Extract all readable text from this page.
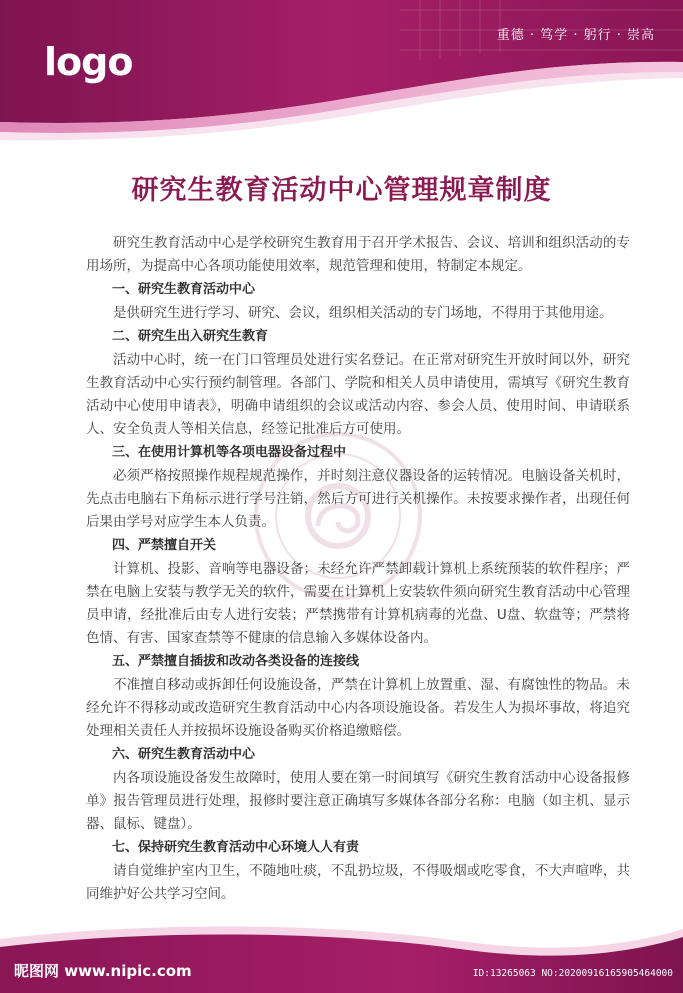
logo
重德 · 笃学 · 躬行 · 崇高
研究生教育活动中心管理规章制度

研究生教育活动中心是学校研究生教育用于召开学术报告、会议、培训和组织活动的专用场所，为提高中心各项功能使用效率，规范管理和使用，特制定本规定。

一、研究生教育活动中心

是供研究生进行学习、研究、会议，组织相关活动的专门场地，不得用于其他用途。

二、研究生出入研究生教育

活动中心时，统一在门口管理员处进行实名登记。在正常对研究生开放时间以外，研究生教育活动中心实行预约制管理。各部门、学院和相关人员申请使用，需填写《研究生教育活动中心使用申请表》，明确申请组织的会议或活动内容、参会人员、使用时间、申请联系人、安全负责人等相关信息，经签记批准后方可使用。

三、在使用计算机等各项电器设备过程中

必须严格按照操作规程规范操作，并时刻注意仪器设备的运转情况。电脑设备关机时，先点击电脑右下角标示进行学号注销，然后方可进行关机操作。未按要求操作者，出现任何后果由学号对应学生本人负责。

四、严禁擅自开关

计算机、投影、音响等电器设备；未经允许严禁卸载计算机上系统预装的软件程序；严禁在电脑上安装与教学无关的软件，需要在计算机上安装软件须向研究生教育活动中心管理员申请，经批准后由专人进行安装；严禁携带有计算机病毒的光盘、U盘、软盘等；严禁将色情、有害、国家查禁等不健康的信息输入多媒体设备内。

五、严禁擅自插拔和改动各类设备的连接线

不准擅自移动或拆卸任何设施设备，严禁在计算机上放置重、湿、有腐蚀性的物品。未经允许不得移动或改造研究生教育活动中心内各项设施设备。若发生人为损坏事故，将追究处理相关责任人并按损坏设施设备购买价格追缴赔偿。

六、研究生教育活动中心

内各项设施设备发生故障时，使用人要在第一时间填写《研究生教育活动中心设备报修单》报告管理员进行处理，报修时要注意正确填写多媒体各部分名称：电脑（如主机、显示器、鼠标、键盘）。

七、保持研究生教育活动中心环境人人有责

请自觉维护室内卫生，不随地吐痰，不乱扔垃圾，不得吸烟或吃零食，不大声喧哗，共同维护好公共学习空间。

昵图网 www.nipic.com	ID:13265063 NO:20200916165905464000
